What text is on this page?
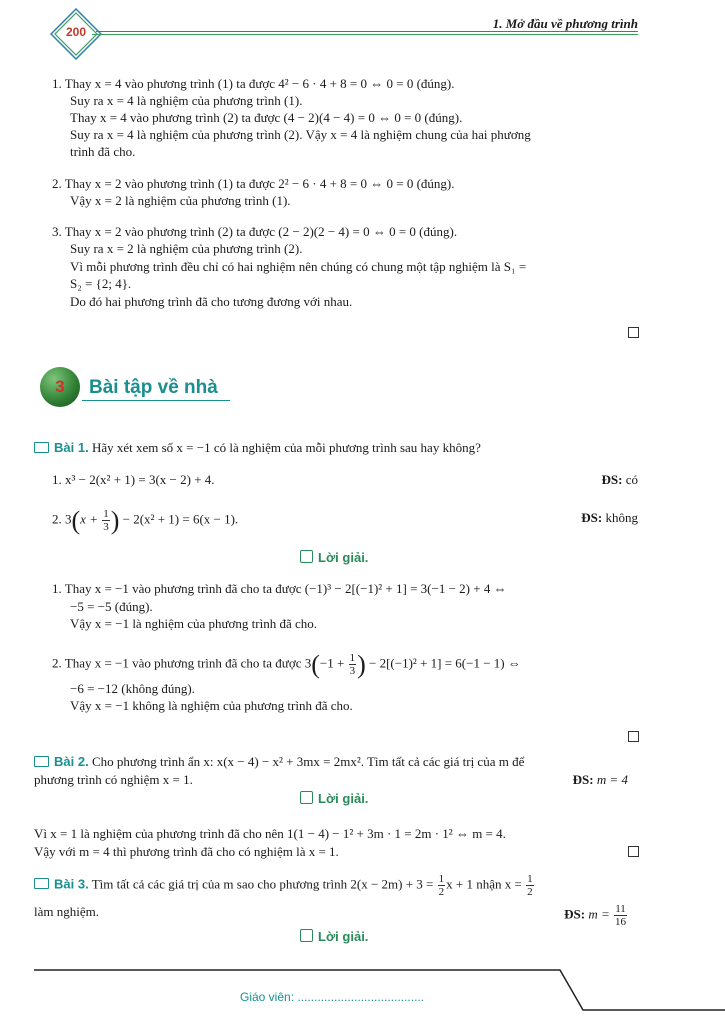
200
1. Mở đầu về phương trình
1. Thay x = 4 vào phương trình (1) ta được 4² − 6 · 4 + 8 = 0 ⇔ 0 = 0 (đúng).
Suy ra x = 4 là nghiệm của phương trình (1).
Thay x = 4 vào phương trình (2) ta được (4 − 2)(4 − 4) = 0 ⇔ 0 = 0 (đúng).
Suy ra x = 4 là nghiệm của phương trình (2). Vậy x = 4 là nghiệm chung của hai phương
trình đã cho.
2. Thay x = 2 vào phương trình (1) ta được 2² − 6 · 4 + 8 = 0 ⇔ 0 = 0 (đúng).
Vậy x = 2 là nghiệm của phương trình (1).
3. Thay x = 2 vào phương trình (2) ta được (2 − 2)(2 − 4) = 0 ⇔ 0 = 0 (đúng).
Suy ra x = 2 là nghiệm của phương trình (2).
Vì mỗi phương trình đều chỉ có hai nghiệm nên chúng có chung một tập nghiệm là S₁ =
S₂ = {2; 4}.
Do đó hai phương trình đã cho tương đương với nhau.
3	Bài tập về nhà
Bài 1. Hãy xét xem số x = −1 có là nghiệm của mỗi phương trình sau hay không?
1. x³ − 2(x² + 1) = 3(x − 2) + 4.	ĐS: có
2. $3(x + \frac{1}{3}$ ) − 2(x² + 1) = 6(x − 1).	ĐS: không
Lời giải.
1. Thay x = −1 vào phương trình đã cho ta được (−1)³ − 2[(−1)² + 1] = 3(−1 − 2) + 4 ⇔
−5 = −5 (đúng).
Vậy x = −1 là nghiệm của phương trình đã cho.
2. Thay x = −1 vào phương trình đã cho ta được $3(-1 + \frac{1}{3}$ ) − 2[(−1)² + 1] = 6(−1 − 1) ⇔
−6 = −12 (không đúng).
Vậy x = −1 không là nghiệm của phương trình đã cho.
Bài 2. Cho phương trình ẩn x: x(x − 4) − x² + 3mx = 2mx². Tìm tất cả các giá trị của m để
phương trình có nghiệm x = 1.	ĐS: m = 4
Lời giải.
Vì x = 1 là nghiệm của phương trình đã cho nên 1(1 − 4) − 1² + 3m · 1 = 2m · 1² ⇔ m = 4.
Vậy với m = 4 thì phương trình đã cho có nghiệm là x = 1.
Bài 3. Tìm tất cả các giá trị của m sao cho phương trình $2(x - 2m) + 3 = \frac{1}{2}$ x + 1 nhận $x = \frac{1}{2}$
làm nghiệm.	ĐS: $m = \frac{11}{16}$
Lời giải.
Giáo viên: ......................................
